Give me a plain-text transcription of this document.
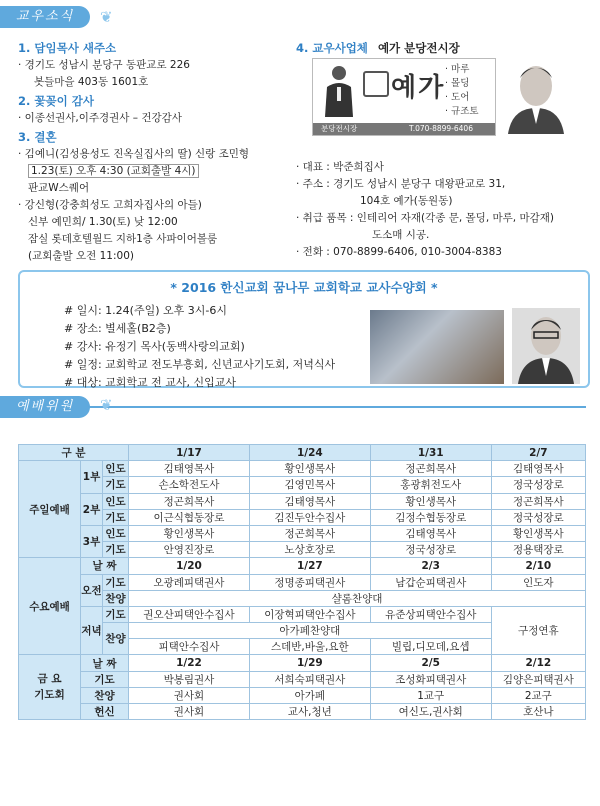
교우소식	❦
1. 담임목사 새주소
· 경기도 성남시 분당구 동판교로 226
봇들마을 403동 1601호
2. 꽃꽂이 감사
· 이종선권사,이주경권사 – 건강감사
3. 결혼
· 김예니(김성용성도 진옥실집사의 딸) 신랑 조민형
1.23(토) 오후 4:30 (교회출발 4시)
판교W스퀘어
· 강신형(강충희성도 고희자집사의 아들)
신부 예민희/ 1.30(토) 낮 12:00
잠실 롯데호텔월드 지하1층 사파이어볼룸
(교회출발 오전 11:00)
4. 교우사업체 예가 분당전시장
· 대표 : 박준희집사
· 주소 : 경기도 성남시 분당구 대왕판교로 31,
104호 예가(동원동)
· 취급 품목 : 인테리어 자재(각종 문, 몰딩, 마루, 마감재)
도소매 시공.
· 전화 : 070-8899-6406, 010-3004-8383
예가
· 마루
· 몰딩
· 도어
· 규조토
분당전시장	T.070-8899-6406
* 2016 한신교회 꿈나무 교회학교 교사수양회 *
# 일시: 1.24(주일) 오후 3시-6시
# 장소: 별세홀(B2층)
# 강사: 유정기 목사(동백사랑의교회)
# 일정: 교회학교 전도부흥회, 신년교사기도회, 저녁식사
# 대상: 교회학교 전 교사, 신입교사
예배위원	❦
구 분			1/17	1/24	1/31	2/7
주일예배	1부	인도	김태영목사	황인생목사	정곤희목사	김태영목사
		기도	손소학전도사	김영민목사	홍광휘전도사	정국성장로
	2부	인도	정곤희목사	김태영목사	황인생목사	정곤희목사
		기도	이근식협동장로	김진두안수집사	김정수협동장로	정국성장로
	3부	인도	황인생목사	정곤희목사	김태영목사	황인생목사
		기도	안영진장로	노상호장로	정국성장로	정용택장로
수요예배	날 짜		1/20	1/27	2/3	2/10
	오전	기도	오광례피택권사	정명종피택권사	남갑순피택권사	인도자
		찬양	샬롬찬양대			
	저녁	기도	권오산피택안수집사	이장혁피택안수집사	유준상피택안수집사	구정연휴
		찬양	아가페찬양대			
			피택안수집사	스데반,바울,요한	빌립,디모데,요셉	
금 요
기도회	날 짜		1/22	1/29	2/5	2/12
	기도		박봉림권사	서희숙피택권사	조성화피택권사	김양은피택권사
	찬양		권사회	아가페	1교구	2교구
	헌신		권사회	교사,청년	여신도,권사회	호산나
